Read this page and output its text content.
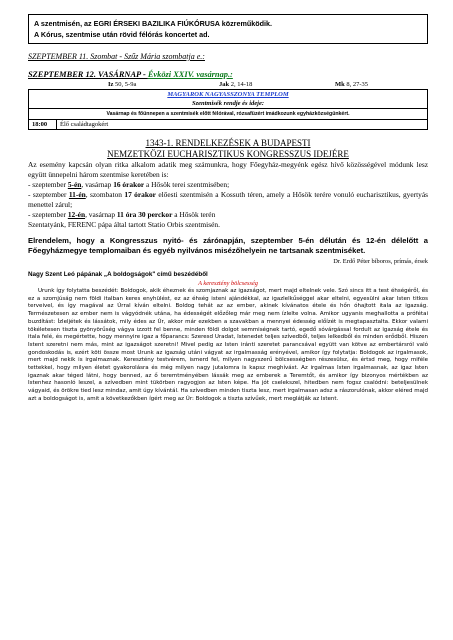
A szentmisén, az EGRI ÉRSEKI BAZILIKA FIÚKÓRUSA közreműködik.
A Kórus, szentmise után rövid félórás koncertet ad.
SZEPTEMBER 11. Szombat - Szűz Mária szombatja e.:
SZEPTEMBER 12. VASÁRNAP - Évközi XXIV. vasárnap.:
Iz 50, 5-9a	Jak 2, 14-18	Mk 8, 27-35
MAGYAROK NAGYASSZONYA TEMPLOM
Szentmisék rendje és ideje:
Vasárnap és főünnepen a szentmisék előtt félórával, rózsafüzért imádkozunk egyházközségünkért.
18:00	Élő családtagokért
1343-1. RENDELKEZÉSEK A BUDAPESTI
NEMZETKÖZI EUCHARISZTIKUS KONGRESSZUS IDEJÉRE
Az esemény kapcsán olyan ritka alkalom adatik meg számunkra, hogy Főegyház-megyénk egész hívő közösségével módunk lesz együtt ünnepelni három szentmise keretében is:
- szeptember 5-én, vasárnap 16 órakor a Hősök terei szentmisében;
- szeptember 11-én, szombaton 17 órakor előesti szentmisén a Kossuth téren, amely a Hősök terére vonuló eucharisztikus, gyertyás menettel zárul;
- szeptember 12-én, vasárnap 11 óra 30 perckor a Hősök terén
Szentatyánk, FERENC pápa által tartott Statio Orbis szentmisén.
Elrendelem, hogy a Kongresszus nyitó- és zárónapján, szeptember 5-én délután és 12-én délelőtt a Főegyházmegye templomaiban és egyéb nyilvános misézőhelyein ne tartsanak szentmiséket.
Dr. Erdő Péter bíboros, prímás, érsek
Nagy Szent Leó pápának „A boldogságok" című beszédéből
A keresztény bölcsesség

Urunk így folytatta beszédét: Boldogok, akik éheznek és szomjaznak az igazságot, mert majd eltelnek vele. Szó sincs itt a test éhségéről, és ez a szomjúság nem földi italban keres enyhülést, ez az éhség isteni ajándékkal, az igazlelkűséggel akar eltelni, egyesülni akar Isten titkos terveivel, és így magával az Úrral kíván eltelni. Boldog tehát az az ember, akinek kívánatos étele és hőn óhajtott itala az igazság. Természetesen az ember nem is vágyódnék utána, ha édességét előzőleg már meg nem ízlelte volna. Amikor ugyanis meghallotta a prófétai buzdítást: Ízleljétek és lássátok, mily édes az Úr, akkor már ezekben a szavakban a mennyei édesség előízét is megtapasztalta. Ekkor valami tökéletesen tiszta gyönyörűség vágya izzott fel benne, minden földi dolgot semmiségnek tartó, egedő sóvárgással fordult az igazság étele és itala felé, és megértette, hogy mennyire igaz a főparancs: Szeresd Uradat, Istenedet teljes szívedből, teljes lelkedből és minden erődből. Hiszen Istent szeretni nem más, mint az igazságot szeretni! Mivel pedig az Isten iránti szeretet parancsával együtt van kötve az embertársról való gondoskodás is, ezért köti össze most Urunk az igazság utáni vágyat az irgalmasság erényével, amikor így folytatja: Boldogok az irgalmasok, mert majd nekik is irgalmaznak. Keresztény testvérem, ismerd fel, milyen nagyszerű bölcsességben részesülsz, és értsd meg, hogy miféle tettekkel, hogy milyen életet gyakorolásra és még milyen nagy jutalomra is kapsz meghívást. Az irgalmas Isten irgalmasnak, az igaz Isten igaznak akar téged látni, hogy benned, az ő teremtményében lássák meg az emberek a Teremtőt, és amikor így bizonyos mértékben az Istenhez hasonló leszel, a szívedben mint tükörben ragyogjon az Isten képe. Ha jót cselekszel, hitedben nem fogsz csalódni: beteljesülnek vágyaid, és örökre tied lesz mindaz, amit úgy kívántál. Ha szívedben minden tiszta lesz, mert irgalmasan adsz a rászorulónak, akkor eléred majd azt a boldogságot is, amit a következőkben ígért meg az Úr: Boldogok a tiszta szívűek, mert meglátják az Istent.
